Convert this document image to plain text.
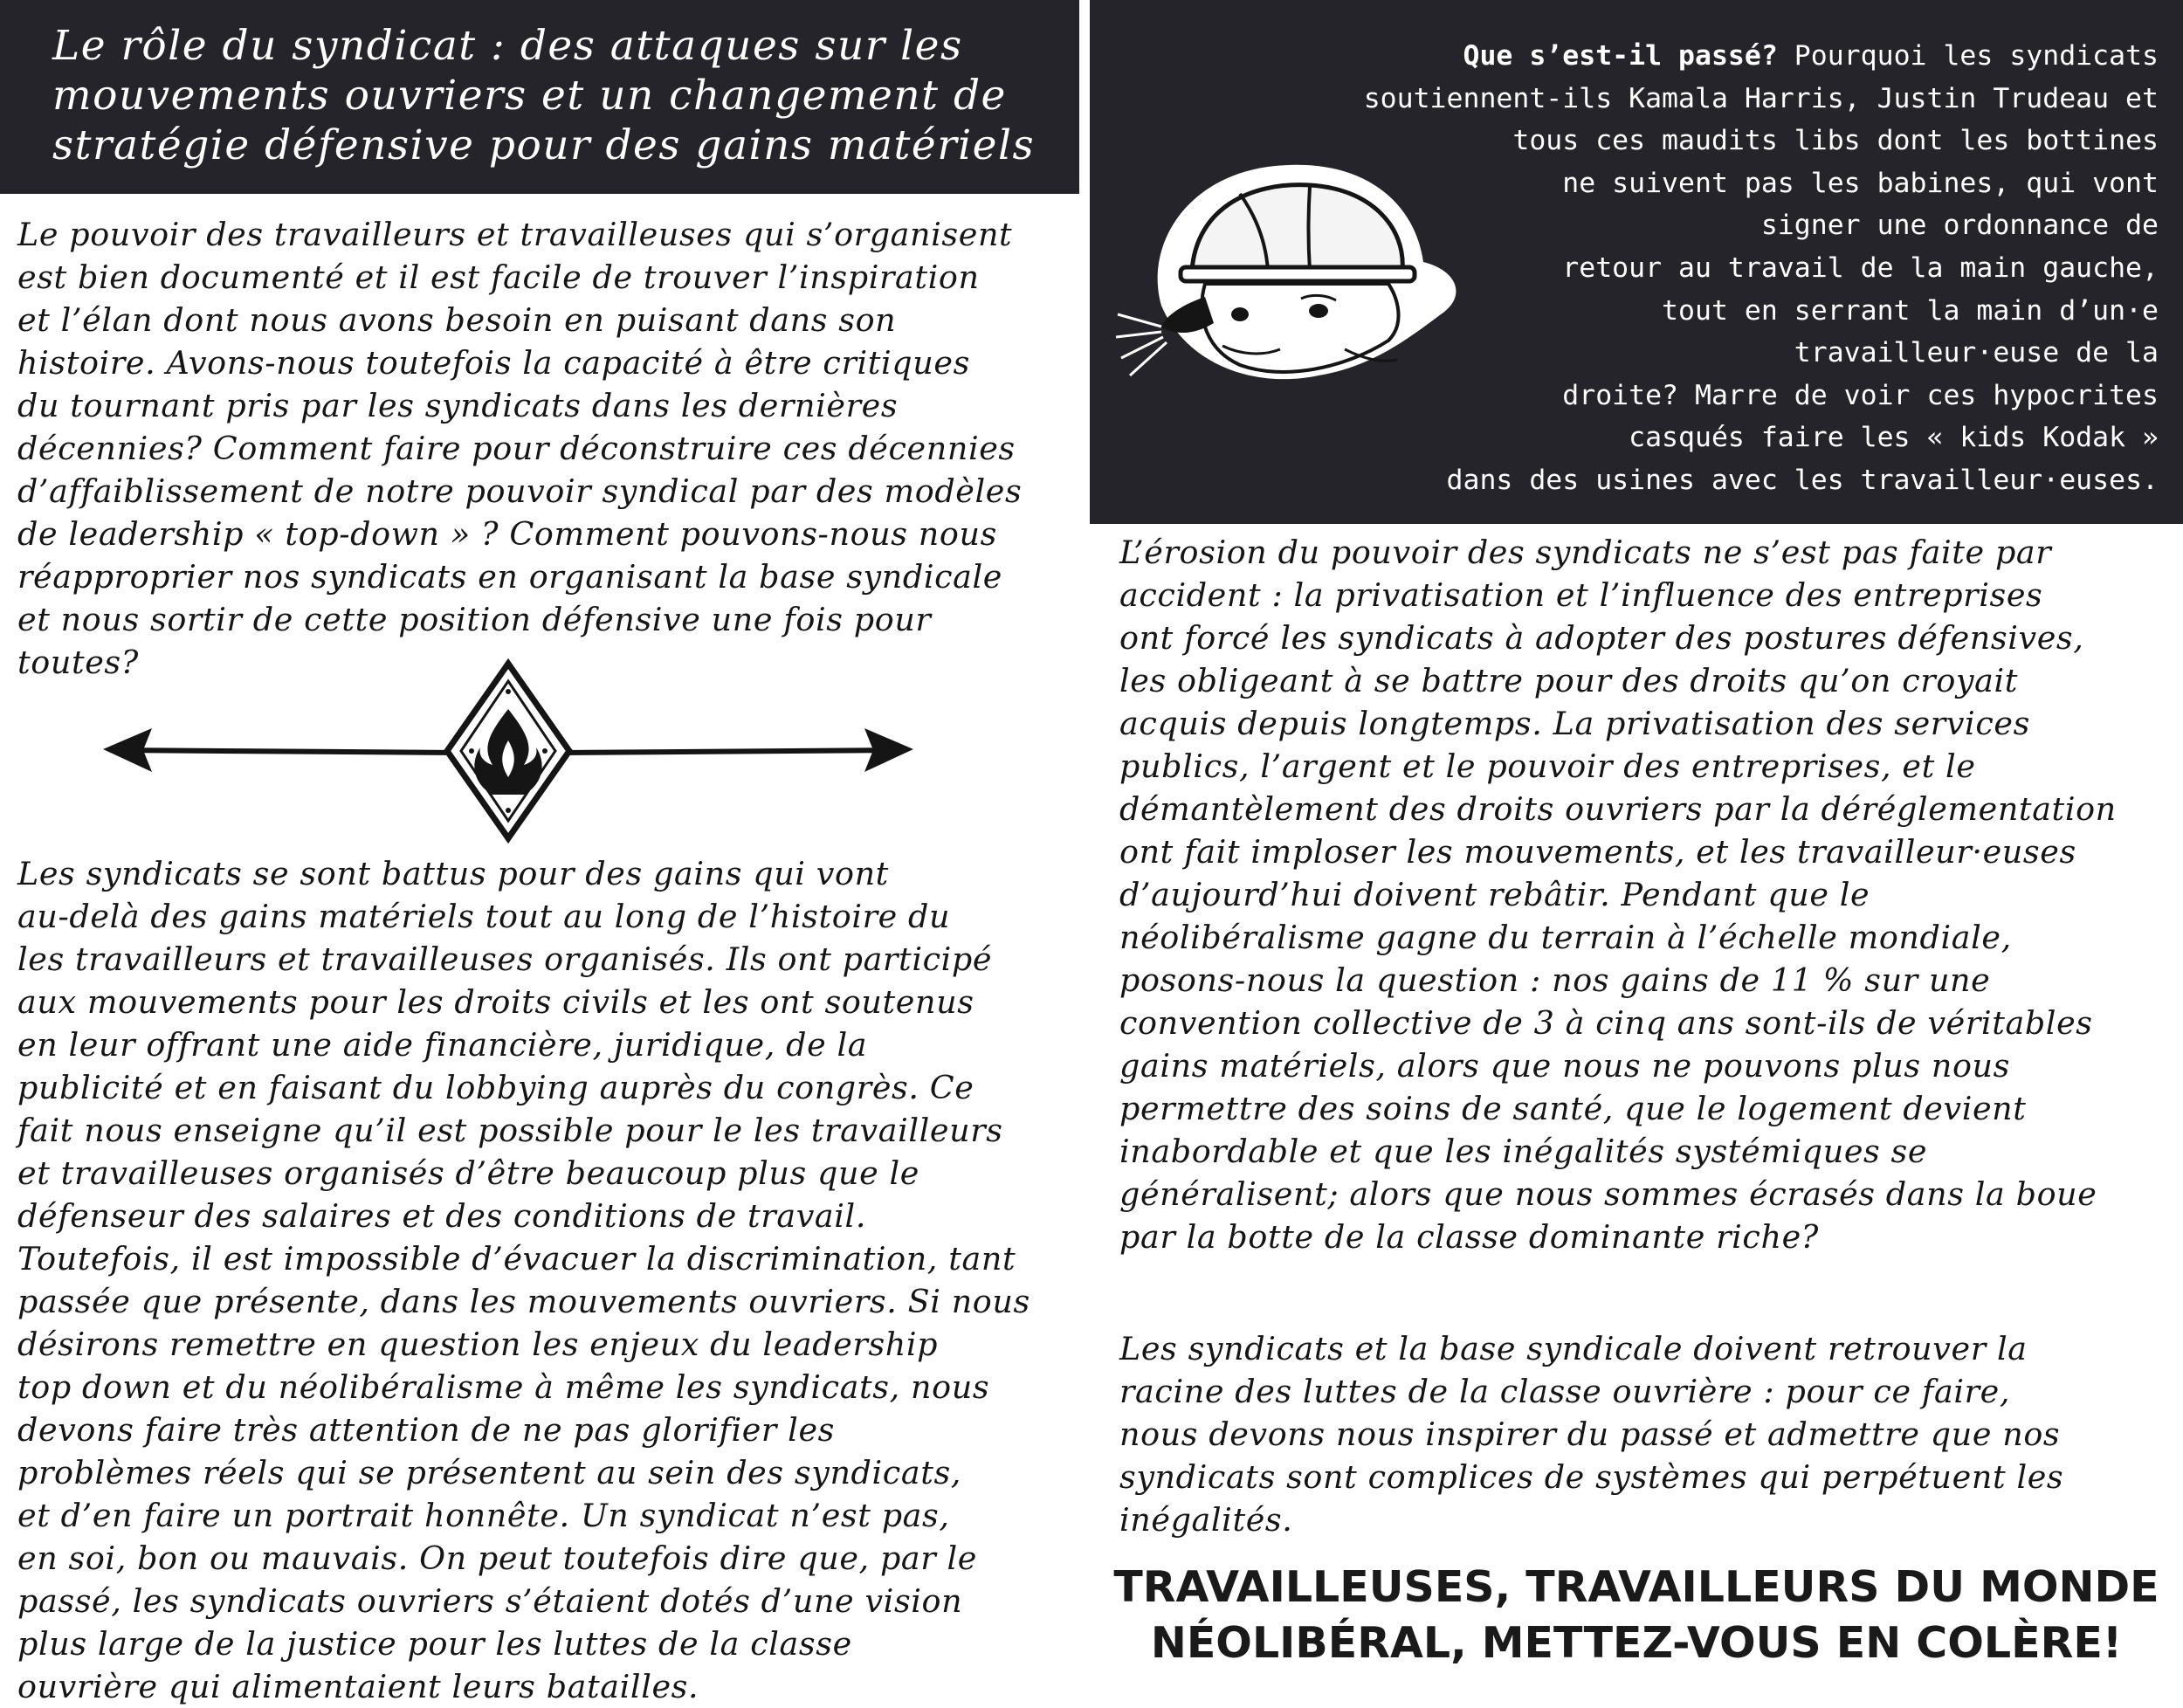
Le rôle du syndicat : des attaques sur les mouvements ouvriers et un changement de stratégie défensive pour des gains matériels

Le pouvoir des travailleurs et travailleuses qui s’organisent
est bien documenté et il est facile de trouver l’inspiration
et l’élan dont nous avons besoin en puisant dans son
histoire. Avons-nous toutefois la capacité à être critiques
du tournant pris par les syndicats dans les dernières
décennies? Comment faire pour déconstruire ces décennies
d’affaiblissement de notre pouvoir syndical par des modèles
de leadership « top-down » ? Comment pouvons-nous nous
réapproprier nos syndicats en organisant la base syndicale
et nous sortir de cette position défensive une fois pour
toutes?

Les syndicats se sont battus pour des gains qui vont
au-delà des gains matériels tout au long de l’histoire du
les travailleurs et travailleuses organisés. Ils ont participé
aux mouvements pour les droits civils et les ont soutenus
en leur offrant une aide financière, juridique, de la
publicité et en faisant du lobbying auprès du congrès. Ce
fait nous enseigne qu’il est possible pour le les travailleurs
et travailleuses organisés d’être beaucoup plus que le
défenseur des salaires et des conditions de travail.
Toutefois, il est impossible d’évacuer la discrimination, tant
passée que présente, dans les mouvements ouvriers. Si nous
désirons remettre en question les enjeux du leadership
top down et du néolibéralisme à même les syndicats, nous
devons faire très attention de ne pas glorifier les
problèmes réels qui se présentent au sein des syndicats,
et d’en faire un portrait honnête. Un syndicat n’est pas,
en soi, bon ou mauvais. On peut toutefois dire que, par le
passé, les syndicats ouvriers s’étaient dotés d’une vision
plus large de la justice pour les luttes de la classe
ouvrière qui alimentaient leurs batailles.

Que s’est-il passé? Pourquoi les syndicats
soutiennent-ils Kamala Harris, Justin Trudeau et
tous ces maudits libs dont les bottines
ne suivent pas les babines, qui vont
signer une ordonnance de
retour au travail de la main gauche,
tout en serrant la main d’un·e
travailleur·euse de la
droite? Marre de voir ces hypocrites
casqués faire les « kids Kodak »
dans des usines avec les travailleur·euses.

L’érosion du pouvoir des syndicats ne s’est pas faite par
accident : la privatisation et l’influence des entreprises
ont forcé les syndicats à adopter des postures défensives,
les obligeant à se battre pour des droits qu’on croyait
acquis depuis longtemps. La privatisation des services
publics, l’argent et le pouvoir des entreprises, et le
démantèlement des droits ouvriers par la déréglementation
ont fait imploser les mouvements, et les travailleur·euses
d’aujourd’hui doivent rebâtir. Pendant que le
néolibéralisme gagne du terrain à l’échelle mondiale,
posons-nous la question : nos gains de 11 % sur une
convention collective de 3 à cinq ans sont-ils de véritables
gains matériels, alors que nous ne pouvons plus nous
permettre des soins de santé, que le logement devient
inabordable et que les inégalités systémiques se
généralisent; alors que nous sommes écrasés dans la boue
par la botte de la classe dominante riche?

Les syndicats et la base syndicale doivent retrouver la
racine des luttes de la classe ouvrière : pour ce faire,
nous devons nous inspirer du passé et admettre que nos
syndicats sont complices de systèmes qui perpétuent les
inégalités.

TRAVAILLEUSES, TRAVAILLEURS DU MONDE
NÉOLIBÉRAL, METTEZ-VOUS EN COLÈRE!
